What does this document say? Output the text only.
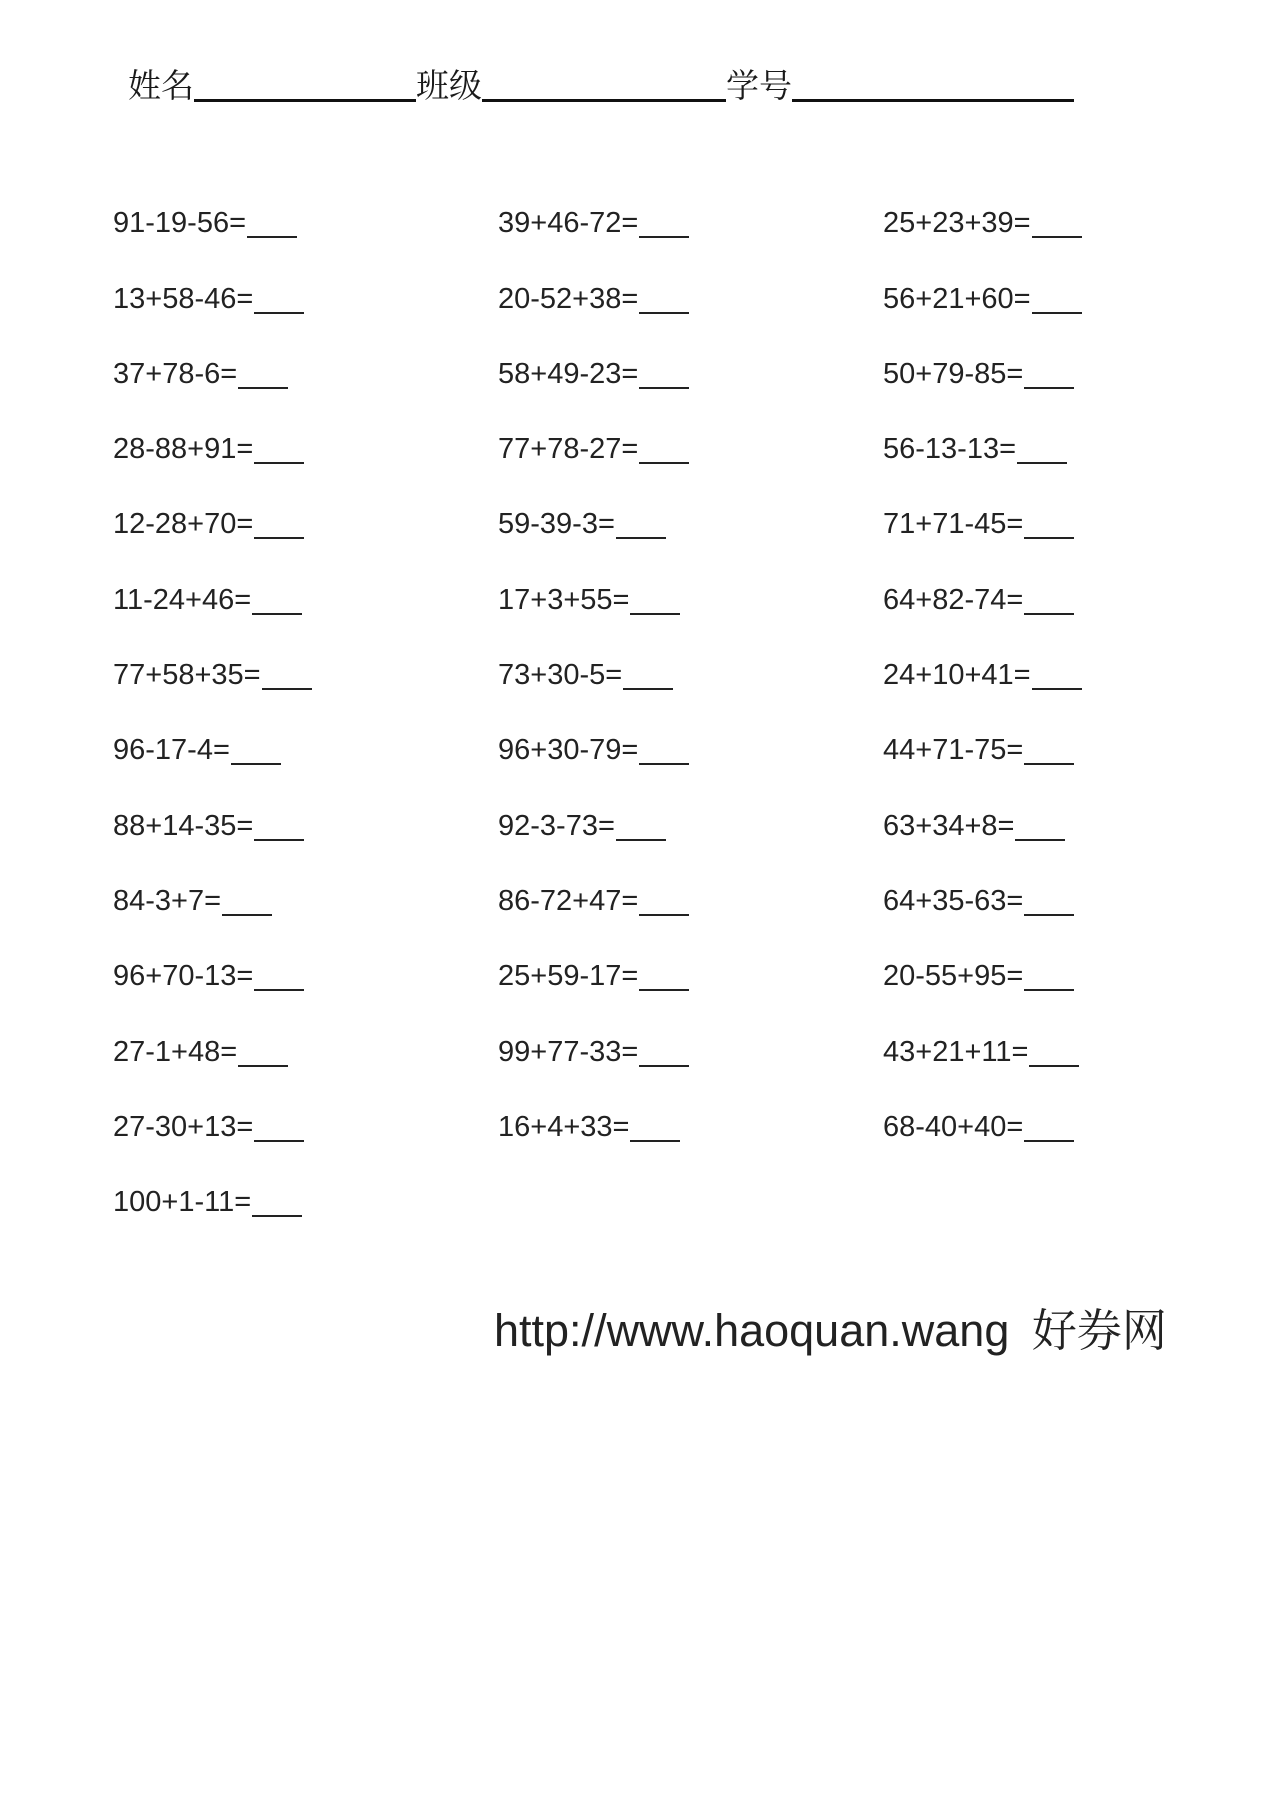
姓名	班级	学号
91-19-56=	39+46-72=	25+23+39=
13+58-46=	20-52+38=	56+21+60=
37+78-6=	58+49-23=	50+79-85=
28-88+91=	77+78-27=	56-13-13=
12-28+70=	59-39-3=	71+71-45=
11-24+46=	17+3+55=	64+82-74=
77+58+35=	73+30-5=	24+10+41=
96-17-4=	96+30-79=	44+71-75=
88+14-35=	92-3-73=	63+34+8=
84-3+7=	86-72+47=	64+35-63=
96+70-13=	25+59-17=	20-55+95=
27-1+48=	99+77-33=	43+21+11=
27-30+13=	16+4+33=	68-40+40=
100+1-11=
http://www.haoquan.wang 好券网
